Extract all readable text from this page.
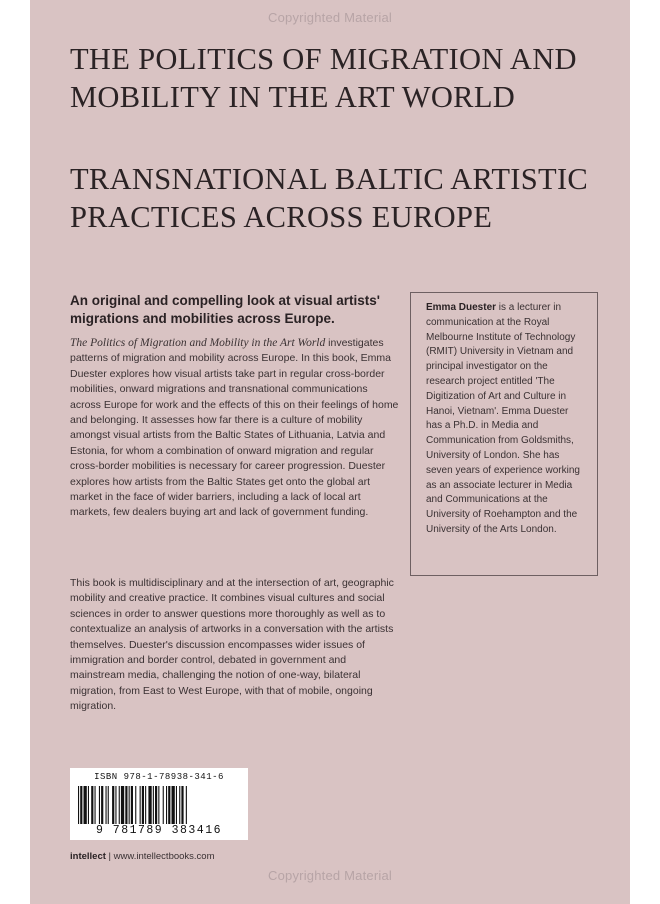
Copyrighted Material
THE POLITICS OF MIGRATION AND MOBILITY IN THE ART WORLD
TRANSNATIONAL BALTIC ARTISTIC PRACTICES ACROSS EUROPE
An original and compelling look at visual artists' migrations and mobilities across Europe.

The Politics of Migration and Mobility in the Art World investigates patterns of migration and mobility across Europe. In this book, Emma Duester explores how visual artists take part in regular cross-border mobilities, onward migrations and transnational communications across Europe for work and the effects of this on their feelings of home and belonging. It assesses how far there is a culture of mobility amongst visual artists from the Baltic States of Lithuania, Latvia and Estonia, for whom a combination of onward migration and regular cross-border mobilities is necessary for career progression. Duester explores how artists from the Baltic States get onto the global art market in the face of wider barriers, including a lack of local art markets, few dealers buying art and lack of government funding.

This book is multidisciplinary and at the intersection of art, geographic mobility and creative practice. It combines visual cultures and social sciences in order to answer questions more thoroughly as well as to contextualize an analysis of artworks in a conversation with the artists themselves. Duester's discussion encompasses wider issues of immigration and border control, debated in government and mainstream media, challenging the notion of one-way, bilateral migration, from East to West Europe, with that of mobile, ongoing migration.

Emma Duester is a lecturer in communication at the Royal Melbourne Institute of Technology (RMIT) University in Vietnam and principal investigator on the research project entitled 'The Digitization of Art and Culture in Hanoi, Vietnam'. Emma Duester has a Ph.D. in Media and Communication from Goldsmiths, University of London. She has seven years of experience working as an associate lecturer in Media and Communications at the University of Roehampton and the University of the Arts London.
ISBN 978-1-78938-341-6
9 781789 383416
intellect | www.intellectbooks.com
Copyrighted Material
